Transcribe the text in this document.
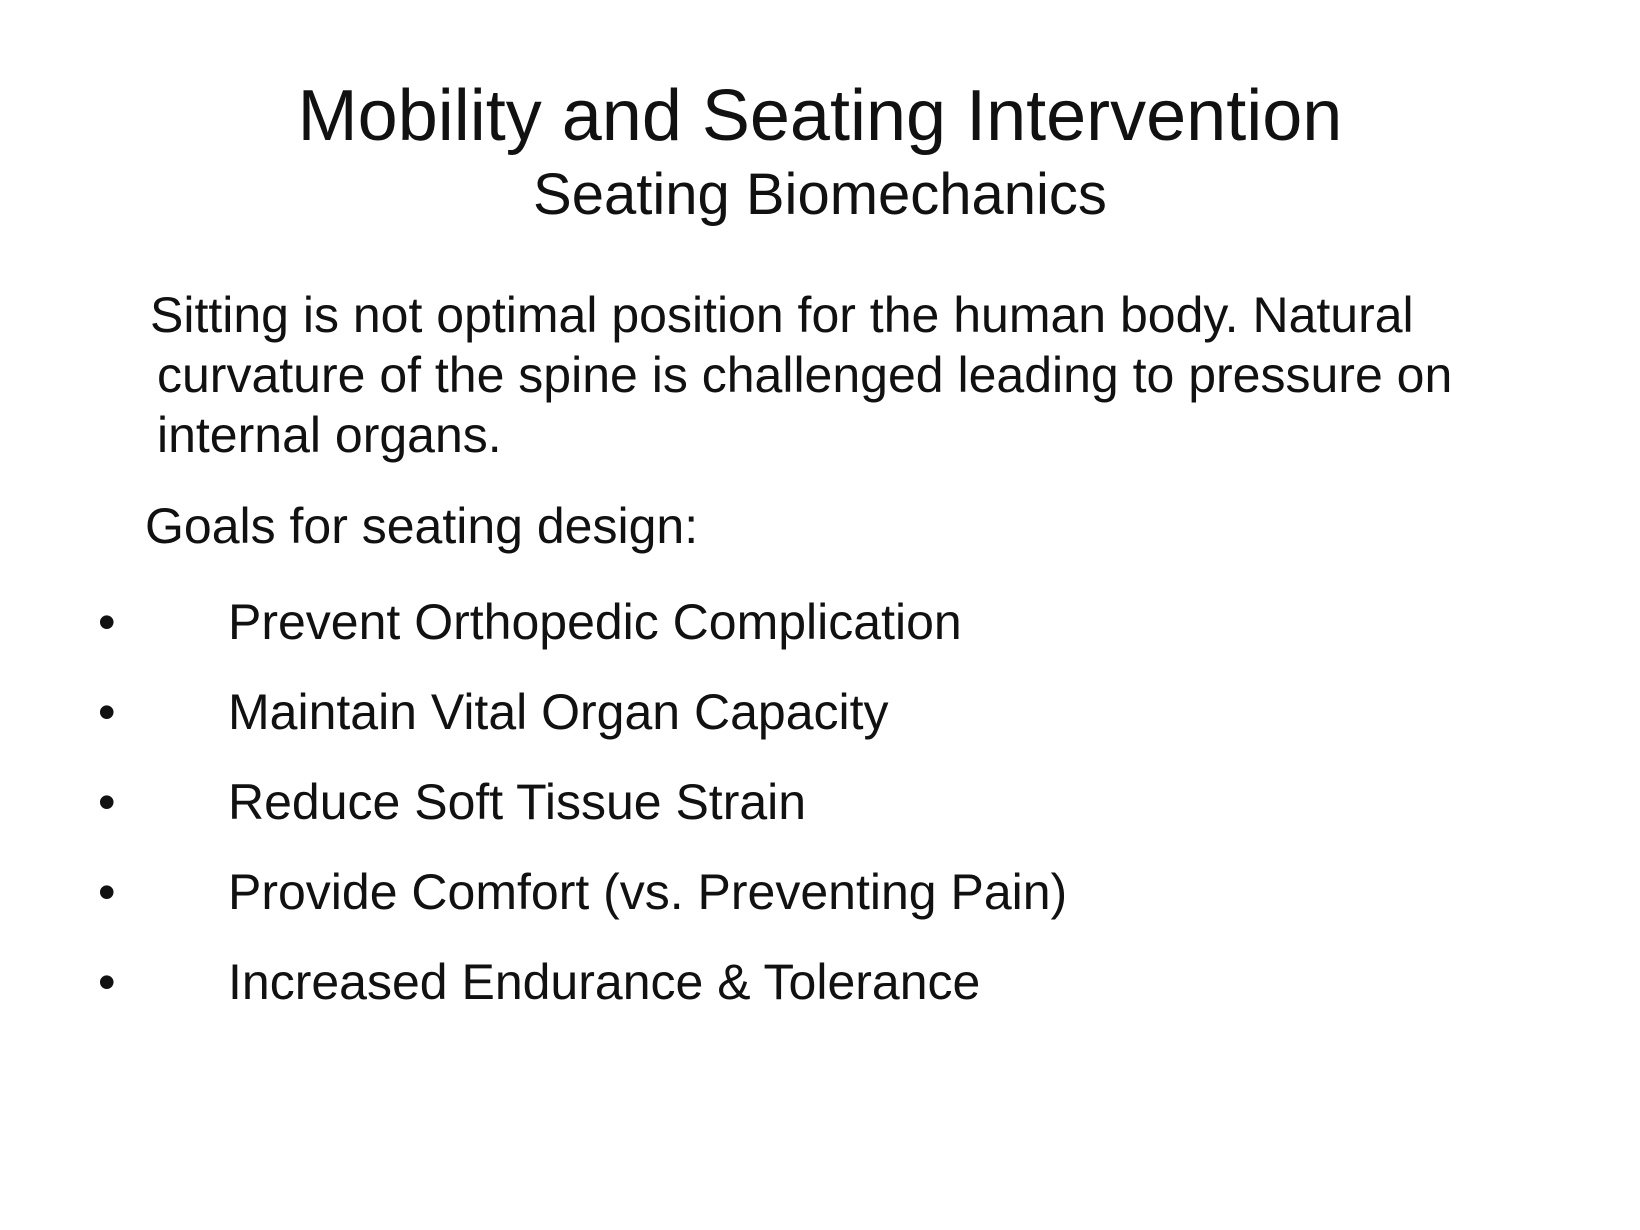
Mobility and Seating Intervention
Seating Biomechanics

Sitting is not optimal position for the human body. Natural
curvature of the spine is challenged leading to pressure on
internal organs.

Goals for seating design:

• Prevent Orthopedic Complication
• Maintain Vital Organ Capacity
• Reduce Soft Tissue Strain
• Provide Comfort (vs. Preventing Pain)
• Increased Endurance & Tolerance
